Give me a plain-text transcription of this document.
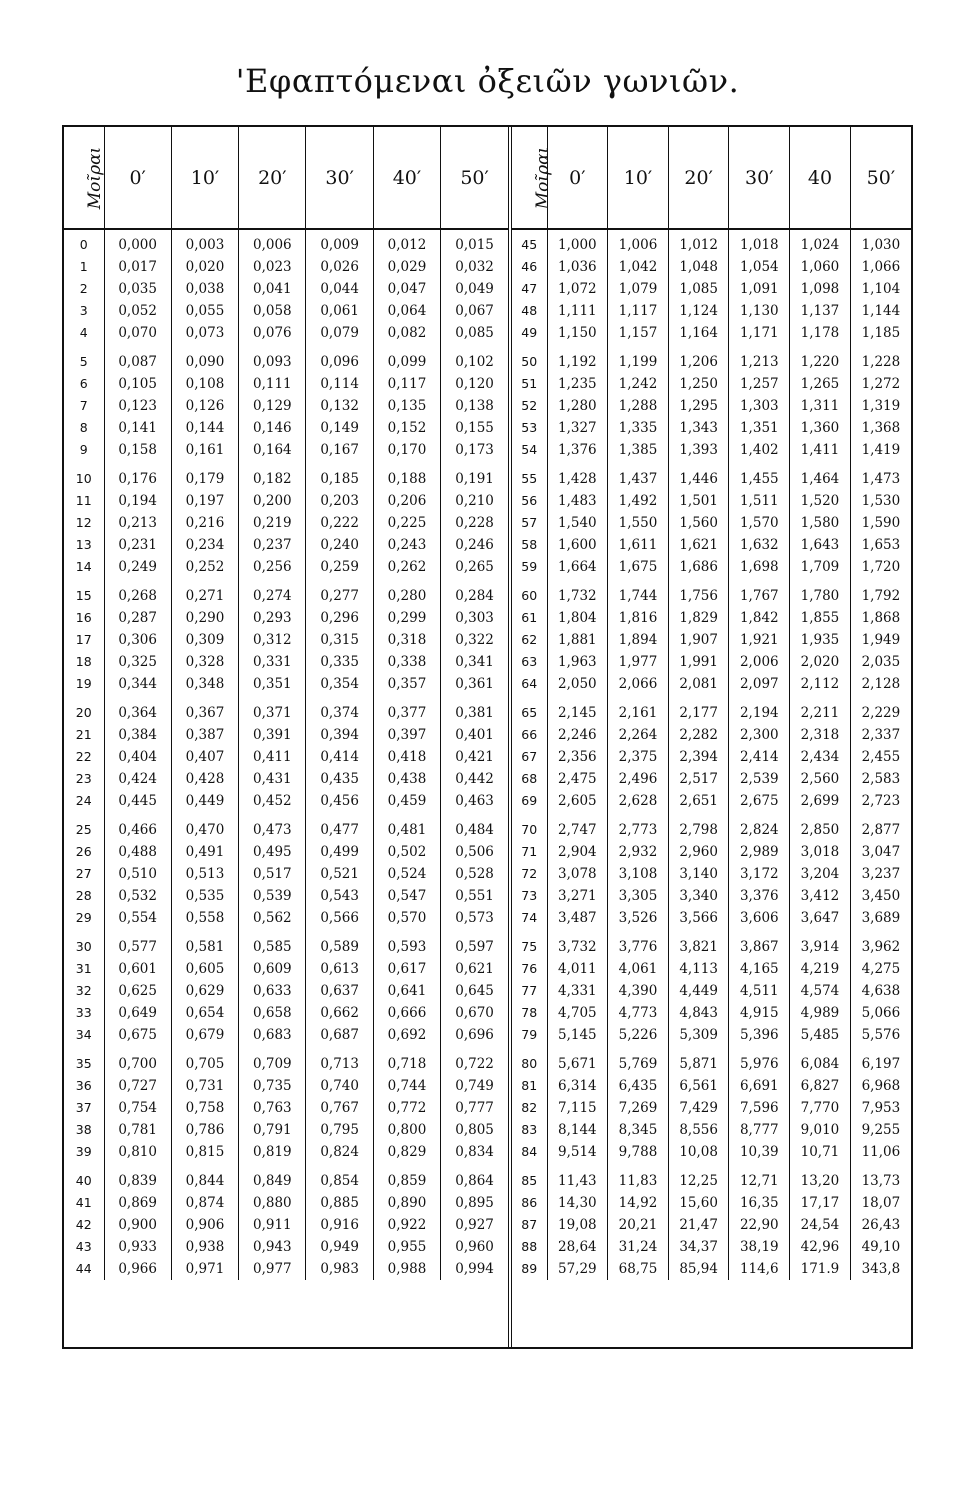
'Εφαπτόμεναι ὀξειῶν γωνιῶν.
Μοῖραι	0′	10′	20′	30′	40′	50′
0	0,000	0,003	0,006	0,009	0,012	0,015
1	0,017	0,020	0,023	0,026	0,029	0,032
2	0,035	0,038	0,041	0,044	0,047	0,049
3	0,052	0,055	0,058	0,061	0,064	0,067
4	0,070	0,073	0,076	0,079	0,082	0,085
5	0,087	0,090	0,093	0,096	0,099	0,102
6	0,105	0,108	0,111	0,114	0,117	0,120
7	0,123	0,126	0,129	0,132	0,135	0,138
8	0,141	0,144	0,146	0,149	0,152	0,155
9	0,158	0,161	0,164	0,167	0,170	0,173
10	0,176	0,179	0,182	0,185	0,188	0,191
11	0,194	0,197	0,200	0,203	0,206	0,210
12	0,213	0,216	0,219	0,222	0,225	0,228
13	0,231	0,234	0,237	0,240	0,243	0,246
14	0,249	0,252	0,256	0,259	0,262	0,265
15	0,268	0,271	0,274	0,277	0,280	0,284
16	0,287	0,290	0,293	0,296	0,299	0,303
17	0,306	0,309	0,312	0,315	0,318	0,322
18	0,325	0,328	0,331	0,335	0,338	0,341
19	0,344	0,348	0,351	0,354	0,357	0,361
20	0,364	0,367	0,371	0,374	0,377	0,381
21	0,384	0,387	0,391	0,394	0,397	0,401
22	0,404	0,407	0,411	0,414	0,418	0,421
23	0,424	0,428	0,431	0,435	0,438	0,442
24	0,445	0,449	0,452	0,456	0,459	0,463
25	0,466	0,470	0,473	0,477	0,481	0,484
26	0,488	0,491	0,495	0,499	0,502	0,506
27	0,510	0,513	0,517	0,521	0,524	0,528
28	0,532	0,535	0,539	0,543	0,547	0,551
29	0,554	0,558	0,562	0,566	0,570	0,573
30	0,577	0,581	0,585	0,589	0,593	0,597
31	0,601	0,605	0,609	0,613	0,617	0,621
32	0,625	0,629	0,633	0,637	0,641	0,645
33	0,649	0,654	0,658	0,662	0,666	0,670
34	0,675	0,679	0,683	0,687	0,692	0,696
35	0,700	0,705	0,709	0,713	0,718	0,722
36	0,727	0,731	0,735	0,740	0,744	0,749
37	0,754	0,758	0,763	0,767	0,772	0,777
38	0,781	0,786	0,791	0,795	0,800	0,805
39	0,810	0,815	0,819	0,824	0,829	0,834
40	0,839	0,844	0,849	0,854	0,859	0,864
41	0,869	0,874	0,880	0,885	0,890	0,895
42	0,900	0,906	0,911	0,916	0,922	0,927
43	0,933	0,938	0,943	0,949	0,955	0,960
44	0,966	0,971	0,977	0,983	0,988	0,994
Μοῖραι	0′	10′	20′	30′	40	50′
45	1,000	1,006	1,012	1,018	1,024	1,030
46	1,036	1,042	1,048	1,054	1,060	1,066
47	1,072	1,079	1,085	1,091	1,098	1,104
48	1,111	1,117	1,124	1,130	1,137	1,144
49	1,150	1,157	1,164	1,171	1,178	1,185
50	1,192	1,199	1,206	1,213	1,220	1,228
51	1,235	1,242	1,250	1,257	1,265	1,272
52	1,280	1,288	1,295	1,303	1,311	1,319
53	1,327	1,335	1,343	1,351	1,360	1,368
54	1,376	1,385	1,393	1,402	1,411	1,419
55	1,428	1,437	1,446	1,455	1,464	1,473
56	1,483	1,492	1,501	1,511	1,520	1,530
57	1,540	1,550	1,560	1,570	1,580	1,590
58	1,600	1,611	1,621	1,632	1,643	1,653
59	1,664	1,675	1,686	1,698	1,709	1,720
60	1,732	1,744	1,756	1,767	1,780	1,792
61	1,804	1,816	1,829	1,842	1,855	1,868
62	1,881	1,894	1,907	1,921	1,935	1,949
63	1,963	1,977	1,991	2,006	2,020	2,035
64	2,050	2,066	2,081	2,097	2,112	2,128
65	2,145	2,161	2,177	2,194	2,211	2,229
66	2,246	2,264	2,282	2,300	2,318	2,337
67	2,356	2,375	2,394	2,414	2,434	2,455
68	2,475	2,496	2,517	2,539	2,560	2,583
69	2,605	2,628	2,651	2,675	2,699	2,723
70	2,747	2,773	2,798	2,824	2,850	2,877
71	2,904	2,932	2,960	2,989	3,018	3,047
72	3,078	3,108	3,140	3,172	3,204	3,237
73	3,271	3,305	3,340	3,376	3,412	3,450
74	3,487	3,526	3,566	3,606	3,647	3,689
75	3,732	3,776	3,821	3,867	3,914	3,962
76	4,011	4,061	4,113	4,165	4,219	4,275
77	4,331	4,390	4,449	4,511	4,574	4,638
78	4,705	4,773	4,843	4,915	4,989	5,066
79	5,145	5,226	5,309	5,396	5,485	5,576
80	5,671	5,769	5,871	5,976	6,084	6,197
81	6,314	6,435	6,561	6,691	6,827	6,968
82	7,115	7,269	7,429	7,596	7,770	7,953
83	8,144	8,345	8,556	8,777	9,010	9,255
84	9,514	9,788	10,08	10,39	10,71	11,06
85	11,43	11,83	12,25	12,71	13,20	13,73
86	14,30	14,92	15,60	16,35	17,17	18,07
87	19,08	20,21	21,47	22,90	24,54	26,43
88	28,64	31,24	34,37	38,19	42,96	49,10
89	57,29	68,75	85,94	114,6	171.9	343,8
